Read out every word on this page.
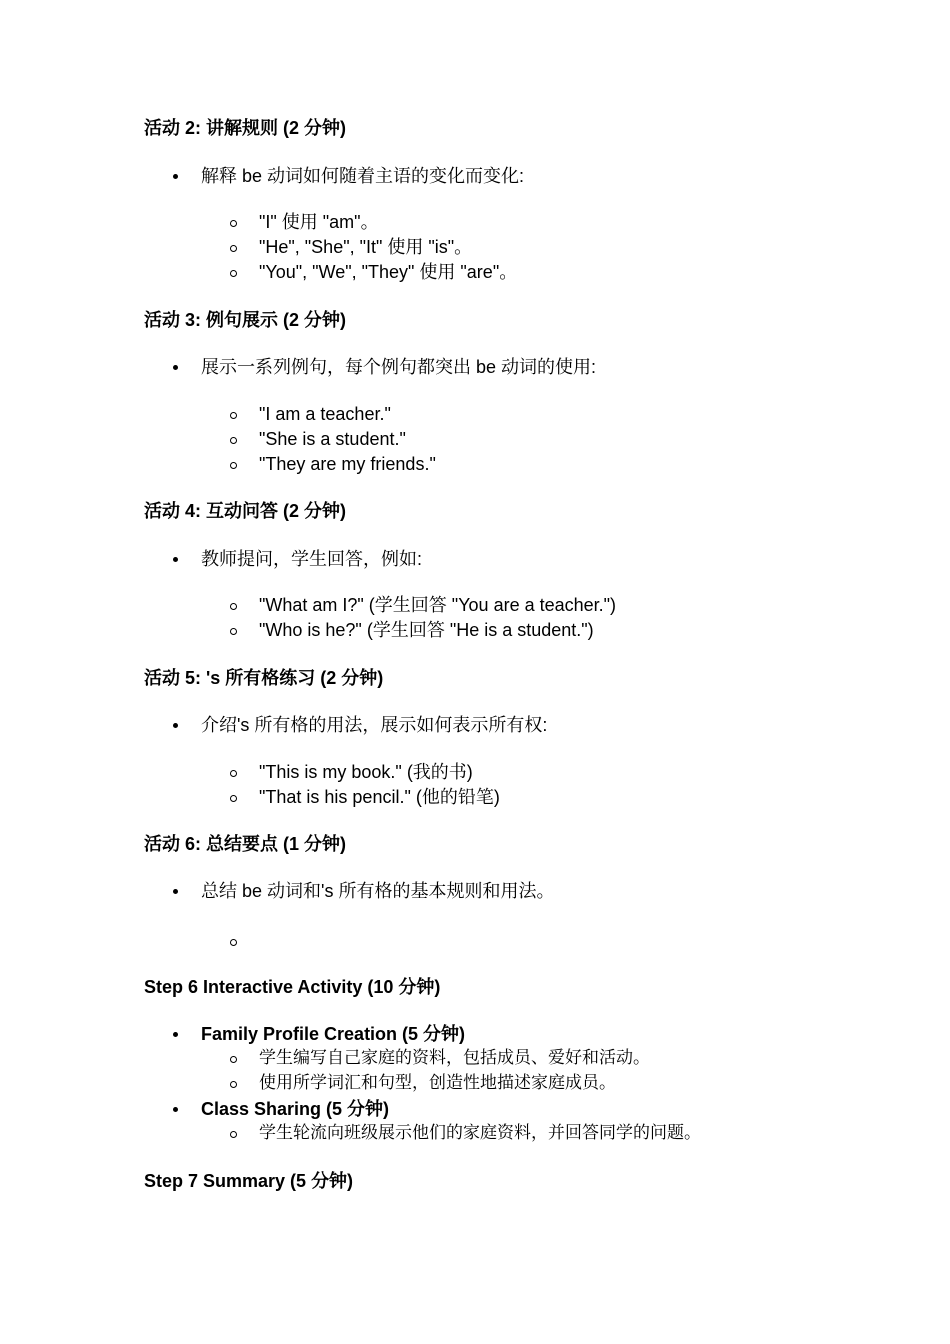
活动 2: 讲解规则 (2 分钟)

解释 be 动词如何随着主语的变化而变化:

"I" 使用 "am"。

"He", "She", "It" 使用 "is"。

"You", "We", "They" 使用 "are"。

活动 3: 例句展示 (2 分钟)

展示一系列例句，每个例句都突出 be 动词的使用:

"I am a teacher."

"She is a student."

"They are my friends."

活动 4: 互动问答 (2 分钟)

教师提问，学生回答，例如:

"What am I?" (学生回答 "You are a teacher.")

"Who is he?" (学生回答 "He is a student.")

活动 5: 's 所有格练习 (2 分钟)

介绍's 所有格的用法，展示如何表示所有权:

"This is my book." (我的书)

"That is his pencil." (他的铅笔)

活动 6: 总结要点 (1 分钟)

总结 be 动词和's 所有格的基本规则和用法。

Step 6 Interactive Activity (10 分钟)

Family Profile Creation (5 分钟)

学生编写自己家庭的资料，包括成员、爱好和活动。

使用所学词汇和句型，创造性地描述家庭成员。

Class Sharing (5 分钟)

学生轮流向班级展示他们的家庭资料，并回答同学的问题。

Step 7 Summary (5 分钟)
